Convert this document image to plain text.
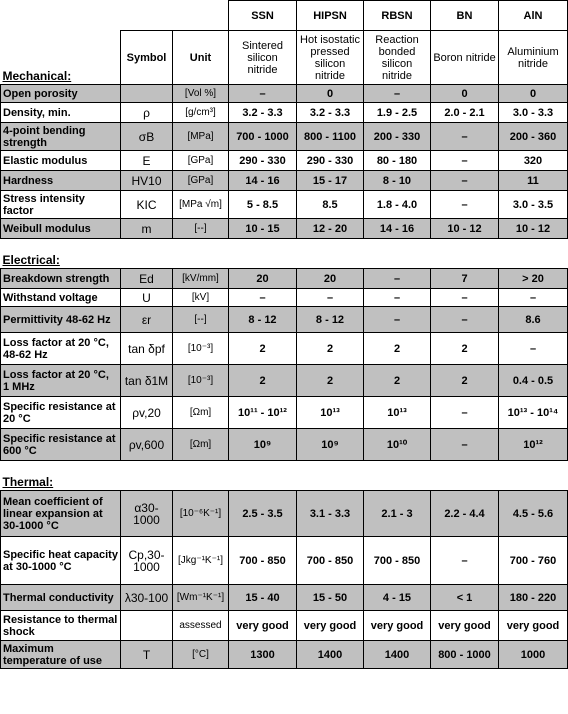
			SSN	HIPSN	RBSN	BN	AlN
Mechanical:	Symbol	Unit	Sintered silicon nitride	Hot isostatic pressed silicon nitride	Reaction bonded silicon nitride	Boron nitride	Aluminium nitride
Open porosity		[Vol %]	–	0	–	0	0
Density, min.	ρ	[g/cm³]	3.2 - 3.3	3.2 - 3.3	1.9 - 2.5	2.0 - 2.1	3.0 - 3.3
4-point bending strength	σB	[MPa]	700 - 1000	800 - 1100	200 - 330	–	200 - 360
Elastic modulus	E	[GPa]	290 - 330	290 - 330	80 - 180	–	320
Hardness	HV10	[GPa]	14 - 16	15 - 17	8 - 10	–	11
Stress intensity factor	KIC	[MPa √m]	5 - 8.5	8.5	1.8 - 4.0	–	3.0 - 3.5
Weibull modulus	m	[--]	10 - 15	12 - 20	14 - 16	10 - 12	10 - 12
Electrical:							
Breakdown strength	Ed	[kV/mm]	20	20	–	7	> 20
Withstand voltage	U	[kV]	–	–	–	–	–
Permittivity 48-62 Hz	εr	[--]	8 - 12	8 - 12	–	–	8.6
Loss factor at 20 °C, 48-62 Hz	tan δpf	[10⁻³]	2	2	2	2	–
Loss factor at 20 °C, 1 MHz	tan δ1M	[10⁻³]	2	2	2	2	0.4 - 0.5
Specific resistance at 20 °C	ρv,20	[Ωm]	10¹¹ - 10¹²	10¹³	10¹³	–	10¹³ - 10¹⁴
Specific resistance at 600 °C	ρv,600	[Ωm]	10⁹	10⁹	10¹⁰	–	10¹²
Thermal:							
Mean coefficient of linear expansion at 30-1000 °C	α30-1000	[10⁻⁶K⁻¹]	2.5 - 3.5	3.1 - 3.3	2.1 - 3	2.2 - 4.4	4.5 - 5.6
Specific heat capacity at 30-1000 °C	Cp,30-1000	[Jkg⁻¹K⁻¹]	700 - 850	700 - 850	700 - 850	–	700 - 760
Thermal conductivity	λ30-100	[Wm⁻¹K⁻¹]	15 - 40	15 - 50	4 - 15	< 1	180 - 220
Resistance to thermal shock		assessed	very good	very good	very good	very good	very good
Maximum temperature of use	T	[°C]	1300	1400	1400	800 - 1000	1000
